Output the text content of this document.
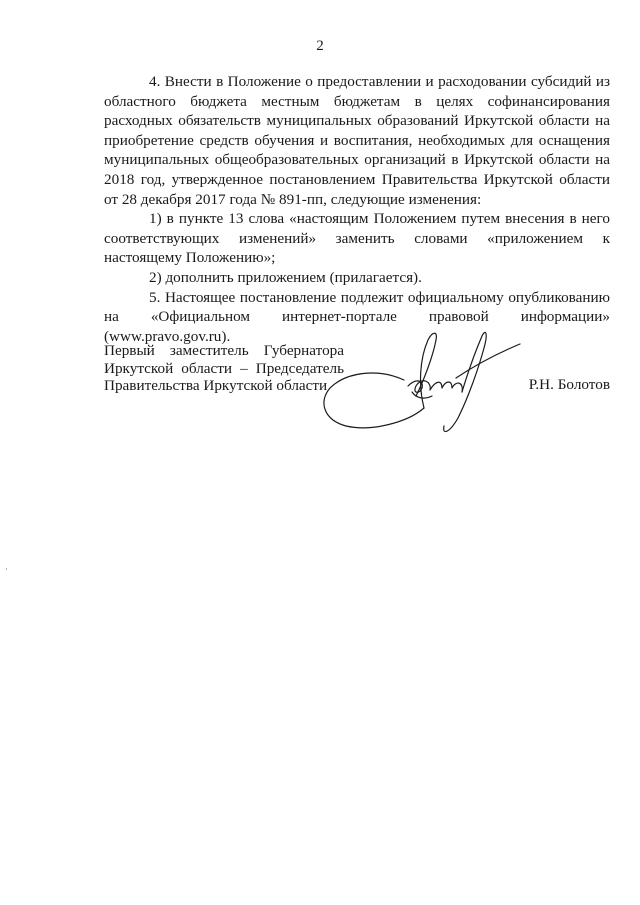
2

4. Внести в Положение о предоставлении и расходовании субсидий из областного бюджета местным бюджетам в целях софинансирования расходных обязательств муниципальных образований Иркутской области на приобретение средств обучения и воспитания, необходимых для оснащения муниципальных общеобразовательных организаций в Иркутской области на 2018 год, утвержденное постановлением Правительства Иркутской области от 28 декабря 2017 года № 891-пп, следующие изменения:

1) в пункте 13 слова «настоящим Положением путем внесения в него соответствующих изменений» заменить словами «приложением к настоящему Положению»;

2) дополнить приложением (прилагается).

5. Настоящее постановление подлежит официальному опубликованию на «Официальном интернет-портале правовой информации» (www.pravo.gov.ru).

Первый заместитель Губернатора
Иркутской области – Председатель
Правительства Иркутской области	Р.Н. Болотов
